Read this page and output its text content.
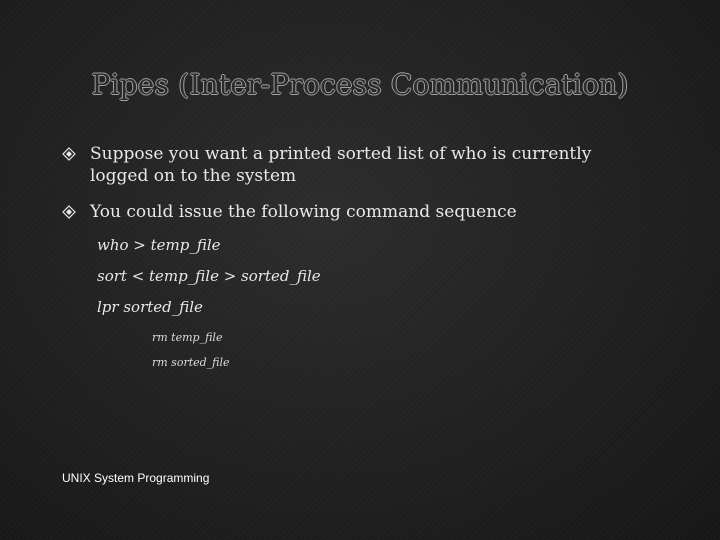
Pipes (Inter-Process Communication)
Suppose you want a printed sorted list of who is currently logged on to the system
You could issue the following command sequence
who > temp_file
sort < temp_file > sorted_file
lpr sorted_file
rm temp_file
rm sorted_file
UNIX System Programming
